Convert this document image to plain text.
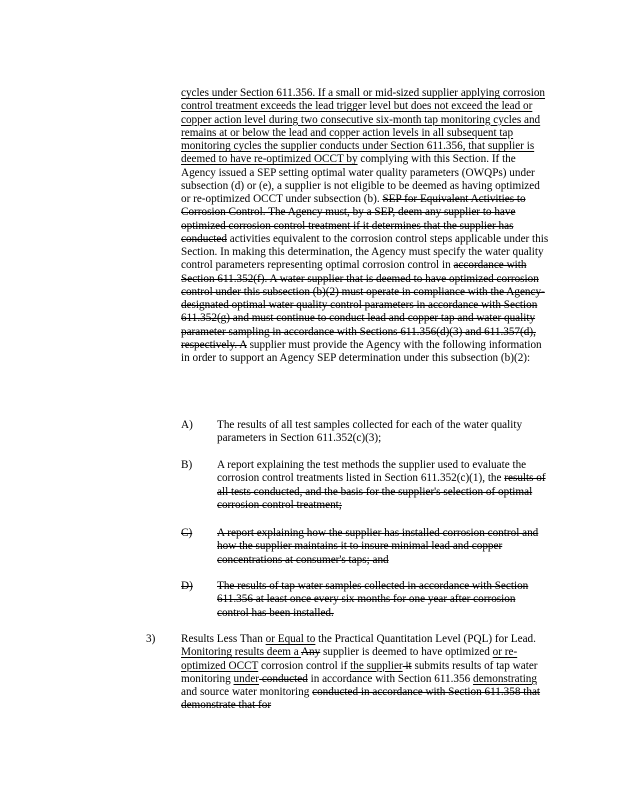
cycles under Section 611.356. If a small or mid-sized supplier applying corrosion control treatment exceeds the lead trigger level but does not exceed the lead or copper action level during two consecutive six-month tap monitoring cycles and remains at or below the lead and copper action levels in all subsequent tap monitoring cycles the supplier conducts under Section 611.356, that supplier is deemed to have re-optimized OCCT by complying with this Section. If the Agency issued a SEP setting optimal water quality parameters (OWQPs) under subsection (d) or (e), a supplier is not eligible to be deemed as having optimized or re-optimized OCCT under subsection (b). SEP for Equivalent Activities to Corrosion Control. The Agency must, by a SEP, deem any supplier to have optimized corrosion control treatment if it determines that the supplier has conducted activities equivalent to the corrosion control steps applicable under this Section. In making this determination, the Agency must specify the water quality control parameters representing optimal corrosion control in accordance with Section 611.352(f). A water supplier that is deemed to have optimized corrosion control under this subsection (b)(2) must operate in compliance with the Agency-designated optimal water quality control parameters in accordance with Section 611.352(g) and must continue to conduct lead and copper tap and water quality parameter sampling in accordance with Sections 611.356(d)(3) and 611.357(d), respectively. A supplier must provide the Agency with the following information in order to support an Agency SEP determination under this subsection (b)(2):

A) The results of all test samples collected for each of the water quality parameters in Section 611.352(c)(3);
B) A report explaining the test methods the supplier used to evaluate the corrosion control treatments listed in Section 611.352(c)(1), the results of all tests conducted, and the basis for the supplier's selection of optimal corrosion control treatment;
C) A report explaining how the supplier has installed corrosion control and how the supplier maintains it to insure minimal lead and copper concentrations at consumer's taps; and
D) The results of tap water samples collected in accordance with Section 611.356 at least once every six months for one year after corrosion control has been installed.
3) Results Less Than or Equal to the Practical Quantitation Level (PQL) for Lead. Monitoring results deem a Any supplier is deemed to have optimized or re-optimized OCCT corrosion control if the supplier it submits results of tap water monitoring under conducted in accordance with Section 611.356 demonstrating and source water monitoring conducted in accordance with Section 611.358 that demonstrate that for
